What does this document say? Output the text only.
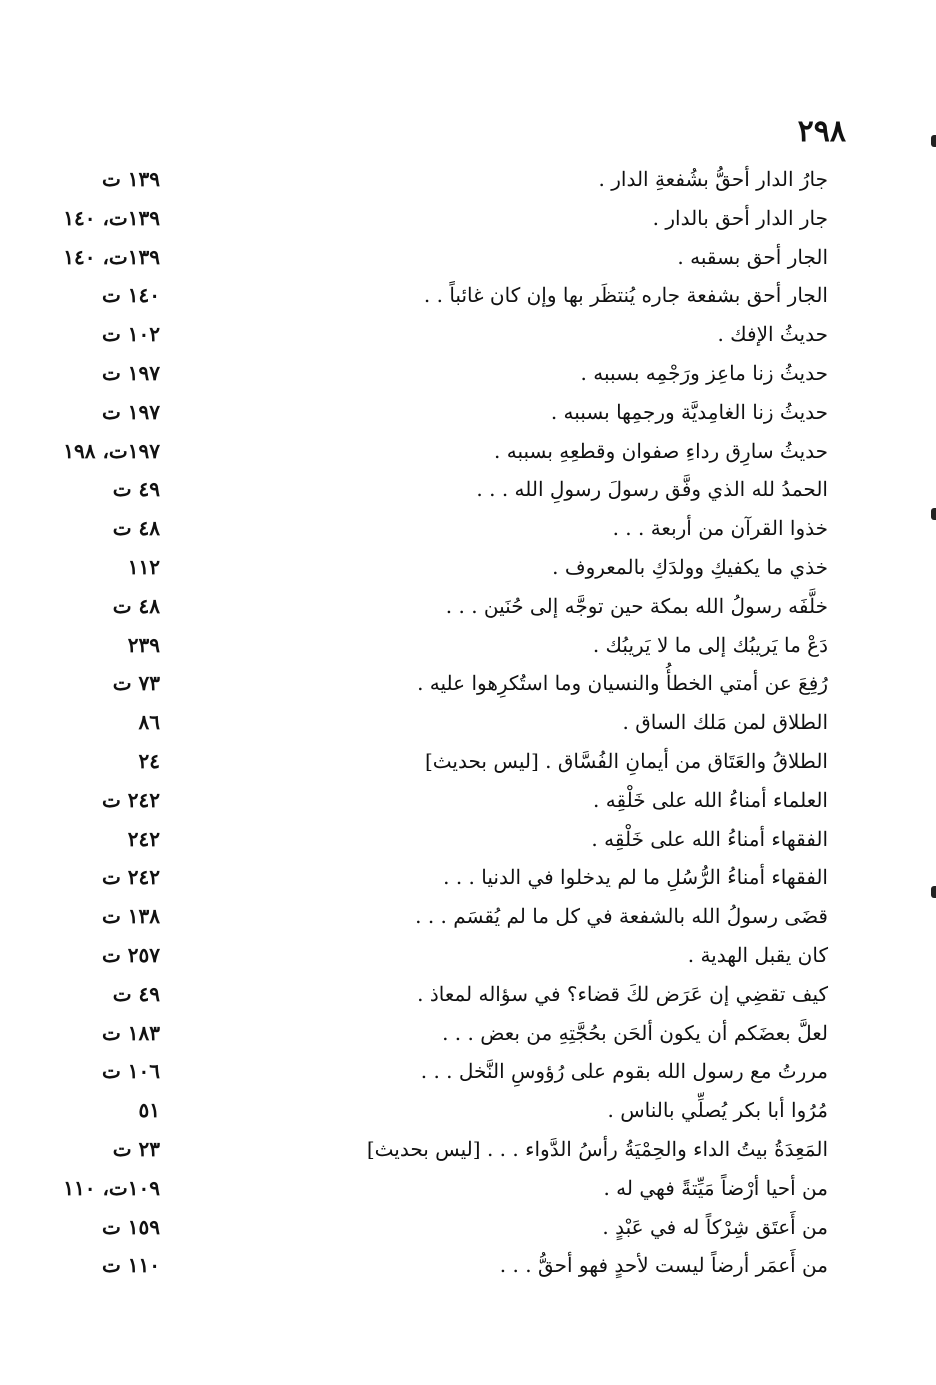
٢٩٨
جارُ الدار أحقُّ بشُفعةِ الدار .
١٣٩ ت
جار الدار أحق بالدار .
١٣٩ت، ١٤٠
الجار أحق بسقبه .
١٣٩ت، ١٤٠
الجار أحق بشفعة جاره يُنتظَر بها وإن كان غائباً . .
١٤٠ ت
حديثُ الإفك .
١٠٢ ت
حديثُ زنا ماعِز ورَجْمِه بسببه .
١٩٧ ت
حديثُ زنا الغامِديَّة ورجمِها بسببه .
١٩٧ ت
حديثُ سارِق رداءِ صفوان وقطعِهِ بسببه .
١٩٧ت، ١٩٨
الحمدُ لله الذي وفَّق رسولَ رسولِ الله . . .
٤٩ ت
خذوا القرآن من أربعة . . .
٤٨ ت
خذي ما يكفيكِ وولدَكِ بالمعروف .
١١٢
خلَّفَه رسولُ الله بمكة حين توجَّه إلى حُنَين . . .
٤٨ ت
دَعْ ما يَريبُك إلى ما لا يَريبُك .
٢٣٩
رُفِعَ عن أمتي الخطأُ والنسيان وما استُكرِهوا عليه .
٧٣ ت
الطلاق لمن مَلك الساق .
٨٦
الطلاقُ والعَتَاق من أيمانِ الفُسَّاق . [ليس بحديث]
٢٤
العلماء أمناءُ الله على خَلْقِه .
٢٤٢ ت
الفقهاء أمناءُ الله على خَلْقِه .
٢٤٢
الفقهاء أمناءُ الرُّسُلِ ما لم يدخلوا في الدنيا . . .
٢٤٢ ت
قضَى رسولُ الله بالشفعة في كل ما لم يُقسَم . . .
١٣٨ ت
كان يقبل الهدية .
٢٥٧ ت
كيف تقضِي إن عَرَض لكَ قضاء؟ في سؤاله لمعاذ .
٤٩ ت
لعلَّ بعضَكم أن يكون ألحَن بحُجَّتِهِ من بعض . . .
١٨٣ ت
مررتُ مع رسول الله بقوم على رُؤوسِ النَّخل . . .
١٠٦ ت
مُرُوا أبا بكر يُصلِّي بالناس .
٥١
المَعِدَةُ بيتُ الداء والحِمْيَةُ رأسُ الدَّواء . . . [ليس بحديث]
٢٣ ت
من أحيا أرْضاً مَيِّتةً فهي له .
١٠٩ت، ١١٠
من أَعتَق شِرْكاً له في عَبْدٍ .
١٥٩ ت
من أَعمَر أرضاً ليست لأحدٍ فهو أحقُّ . . .
١١٠ ت
